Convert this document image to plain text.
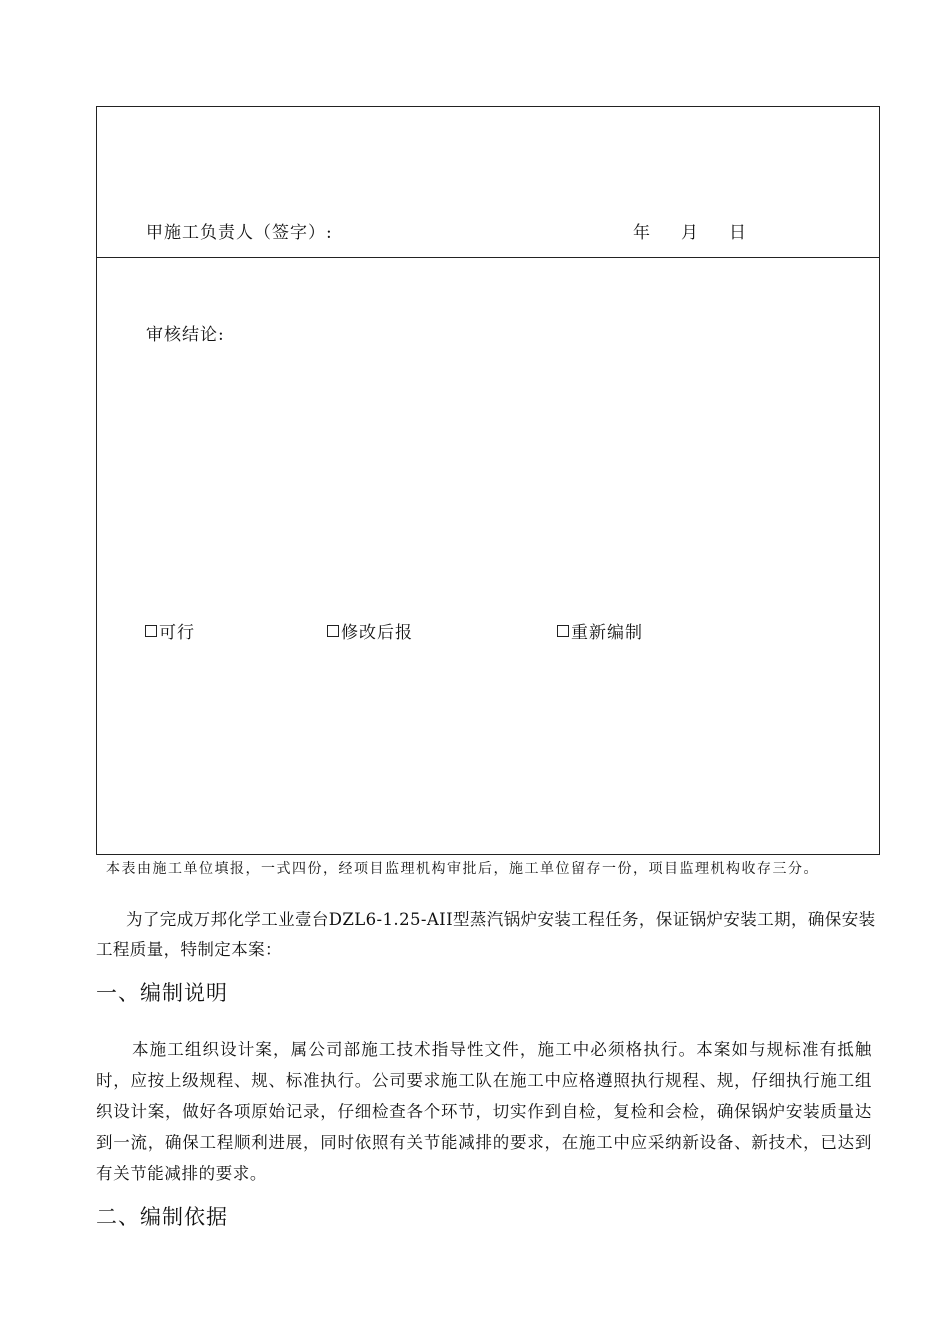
甲施工负责人（签字）:	年 月 日
审核结论:
可行	修改后报	重新编制
本表由施工单位填报，一式四份，经项目监理机构审批后，施工单位留存一份，项目监理机构收存三分。
为了完成万邦化学工业壹台DZL6-1.25-AII型蒸汽锅炉安装工程任务，保证锅炉安装工期，确保安装工程质量，特制定本案：
一、编制说明
本施工组织设计案，属公司部施工技术指导性文件，施工中必须格执行。本案如与规标准有抵触时，应按上级规程、规、标准执行。公司要求施工队在施工中应格遵照执行规程、规，仔细执行施工组织设计案，做好各项原始记录，仔细检查各个环节，切实作到自检，复检和会检，确保锅炉安装质量达到一流，确保工程顺利进展，同时依照有关节能减排的要求，在施工中应采纳新设备、新技术，已达到有关节能减排的要求。
二、编制依据
